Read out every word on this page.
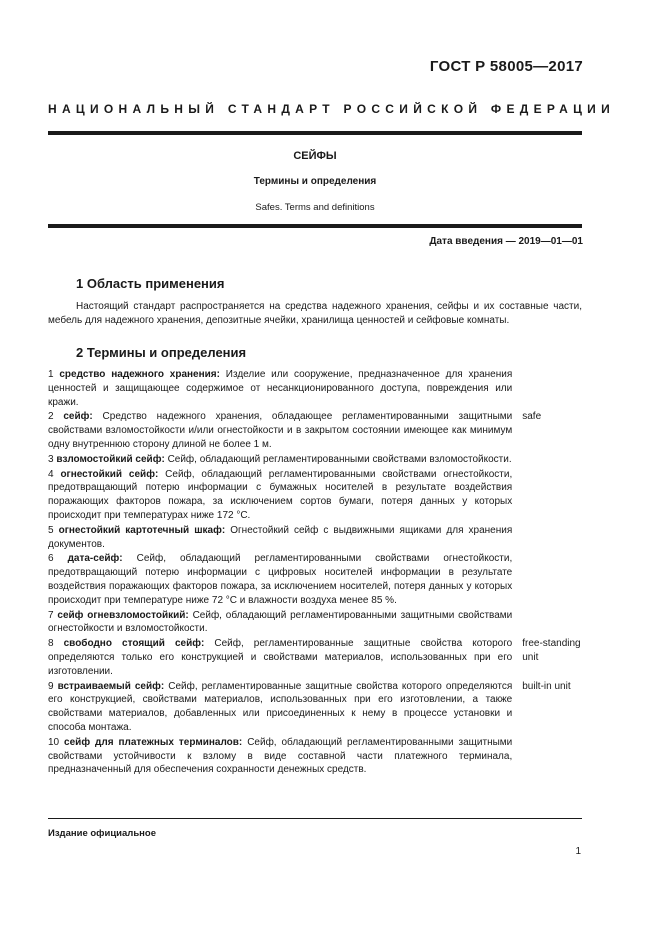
ГОСТ Р 58005—2017
НАЦИОНАЛЬНЫЙ СТАНДАРТ РОССИЙСКОЙ ФЕДЕРАЦИИ
СЕЙФЫ
Термины и определения
Safes. Terms and definitions
Дата введения — 2019—01—01
1 Область применения
Настоящий стандарт распространяется на средства надежного хранения, сейфы и их составные части, мебель для надежного хранения, депозитные ячейки, хранилища ценностей и сейфовые комнаты.
2 Термины и определения
1 средство надежного хранения: Изделие или сооружение, предназначенное для хранения ценностей и защищающее содержимое от несанкционированного доступа, повреждения или кражи.
2 сейф: Средство надежного хранения, обладающее регламентированными защитными свойствами взломостойкости и/или огнестойкости и в закрытом состоянии имеющее как минимум одну внутреннюю сторону длиной не более 1 м.
safe
3 взломостойкий сейф: Сейф, обладающий регламентированными свойствами взломостойкости.
4 огнестойкий сейф: Сейф, обладающий регламентированными свойствами огнестойкости, предотвращающий потерю информации с бумажных носителей в результате воздействия поражающих факторов пожара, за исключением сортов бумаги, потеря данных у которых происходит при температурах ниже 172 °С.
5 огнестойкий картотечный шкаф: Огнестойкий сейф с выдвижными ящиками для хранения документов.
6 дата-сейф: Сейф, обладающий регламентированными свойствами огнестойкости, предотвращающий потерю информации с цифровых носителей информации в результате воздействия поражающих факторов пожара, за исключением носителей, потеря данных у которых происходит при температуре ниже 72 °С и влажности воздуха менее 85 %.
7 сейф огневзломостойкий: Сейф, обладающий регламентированными защитными свойствами огнестойкости и взломостойкости.
8 свободно стоящий сейф: Сейф, регламентированные защитные свойства которого определяются только его конструкцией и свойствами материалов, использованных при его изготовлении.
free-standing unit
9 встраиваемый сейф: Сейф, регламентированные защитные свойства которого определяются его конструкцией, свойствами материалов, использованных при его изготовлении, а также свойствами материалов, добавленных или присоединенных к нему в процессе установки и способа монтажа.
built-in unit
10 сейф для платежных терминалов: Сейф, обладающий регламентированными защитными свойствами устойчивости к взлому в виде составной части платежного терминала, предназначенный для обеспечения сохранности денежных средств.
Издание официальное
1
